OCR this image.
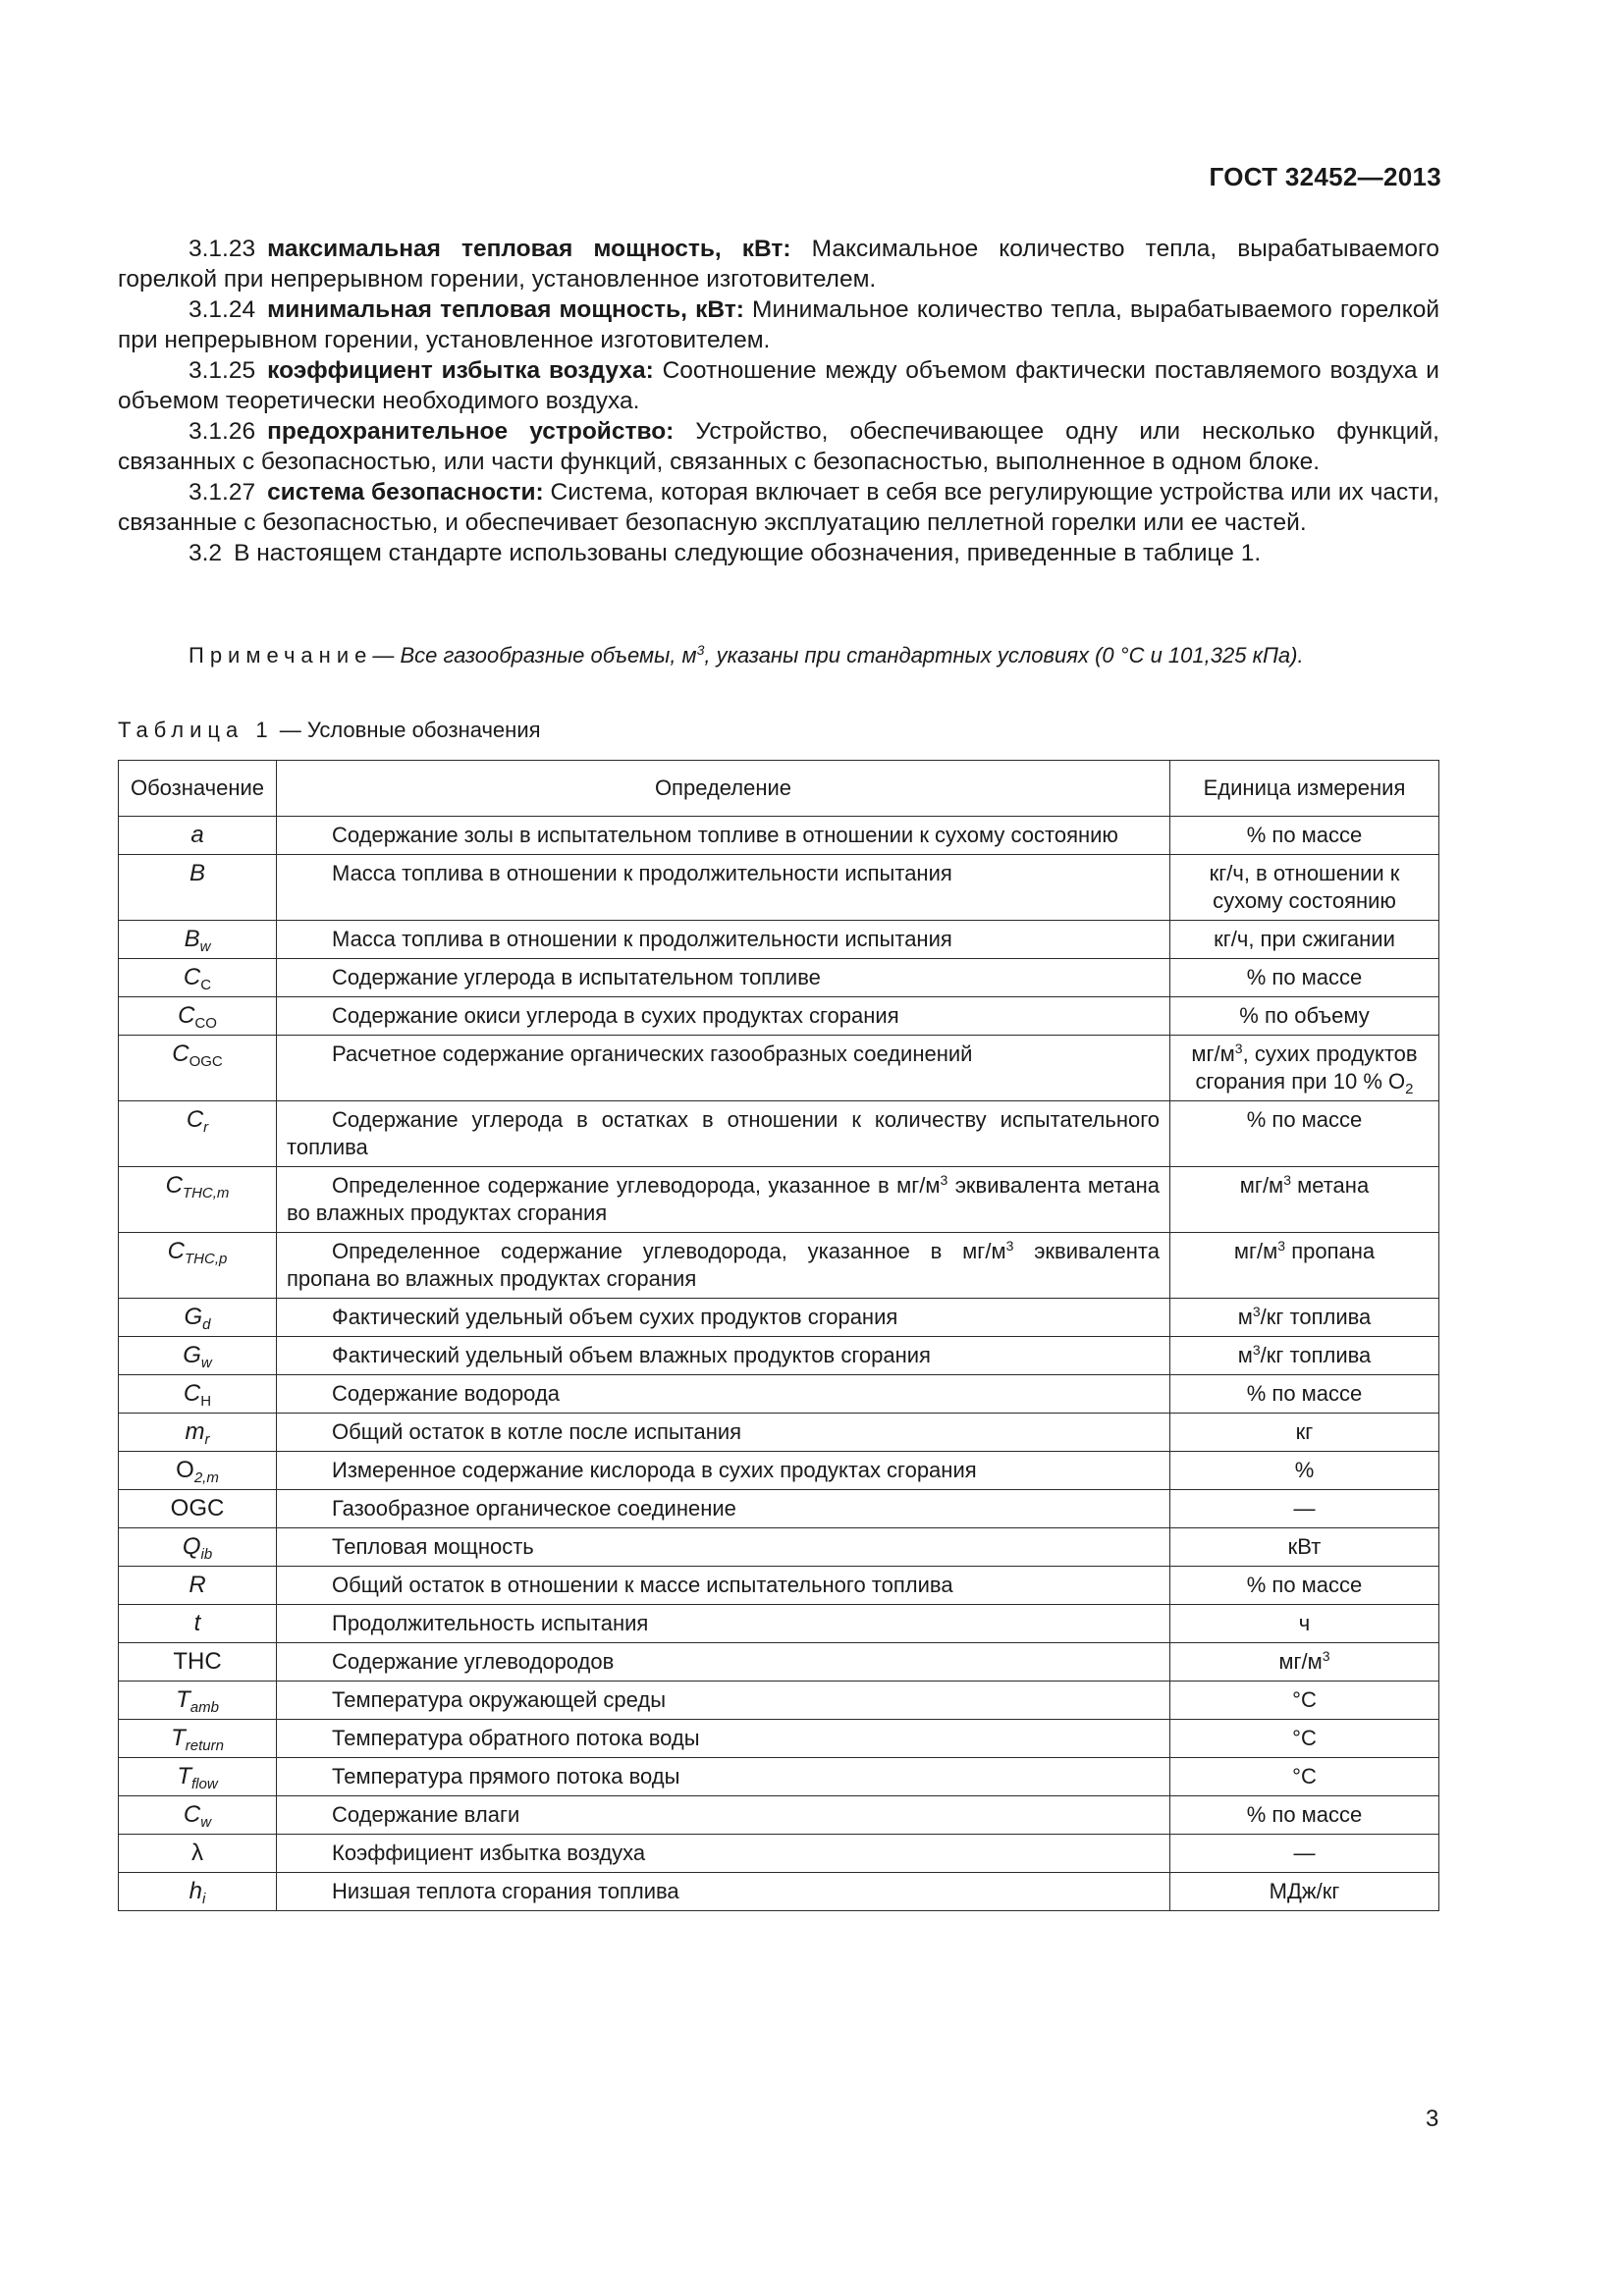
ГОСТ 32452—2013

3.1.23 максимальная тепловая мощность, кВт: Максимальное количество тепла, вырабатываемого горелкой при непрерывном горении, установленное изготовителем.

3.1.24 минимальная тепловая мощность, кВт: Минимальное количество тепла, вырабатываемого горелкой при непрерывном горении, установленное изготовителем.

3.1.25 коэффициент избытка воздуха: Соотношение между объемом фактически поставляемого воздуха и объемом теоретически необходимого воздуха.

3.1.26 предохранительное устройство: Устройство, обеспечивающее одну или несколько функций, связанных с безопасностью, или части функций, связанных с безопасностью, выполненное в одном блоке.

3.1.27 система безопасности: Система, которая включает в себя все регулирующие устройства или их части, связанные с безопасностью, и обеспечивает безопасную эксплуатацию пеллетной горелки или ее частей.

3.2 В настоящем стандарте использованы следующие обозначения, приведенные в таблице 1.

Примечание— Все газообразные объемы, $м^3$, указаны при стандартных условиях (0 °С и 101,325 кПа).
Таблица 1 — Условные обозначения
Обозначение	Определение	Единица измерения
a	Содержание золы в испытательном топливе в отношении к сухому состоянию	% по массе
B	Масса топлива в отношении к продолжительности испытания	кг/ч, в отношении к сухому состоянию
$B_w$	Масса топлива в отношении к продолжительности испытания	кг/ч, при сжигании
$C_C$	Содержание углерода в испытательном топливе	% по массе
$C_{CO}$	Содержание окиси углерода в сухих продуктах сгорания	% по объему
$C_{OGC}$	Расчетное содержание органических газообразных соединений	$мг/м^3$, сухих продуктов сгорания при 10 % $O_2$
$C_r$	Содержание углерода в остатках в отношении к количеству испытательного топлива	% по массе
$C_{THC,m}$	Определенное содержание углеводорода, указанное в $мг/м^3$ эквивалента метана во влажных продуктах сгорания	$мг/м^3$ метана
$C_{THC,p}$	Определенное содержание углеводорода, указанное в $мг/м^3$ эквивалента пропана во влажных продуктах сгорания	$мг/м^3$ пропана
$G_d$	Фактический удельный объем сухих продуктов сгорания	$м^3/кг$ топлива
$G_w$	Фактический удельный объем влажных продуктов сгорания	$м^3/кг$ топлива
$C_H$	Содержание водорода	% по массе
$m_r$	Общий остаток в котле после испытания	кг
$O_{2,m}$	Измеренное содержание кислорода в сухих продуктах сгорания	%
OGC	Газообразное органическое соединение	—
$Q_{ib}$	Тепловая мощность	кВт
R	Общий остаток в отношении к массе испытательного топлива	% по массе
t	Продолжительность испытания	ч
THC	Содержание углеводородов	$мг/м^3$
$T_{amb}$	Температура окружающей среды	°С
$T_{return}$	Температура обратного потока воды	°С
$T_{flow}$	Температура прямого потока воды	°С
$C_w$	Содержание влаги	% по массе
λ	Коэффициент избытка воздуха	—
$h_i$	Низшая теплота сгорания топлива	МДж/кг
3
